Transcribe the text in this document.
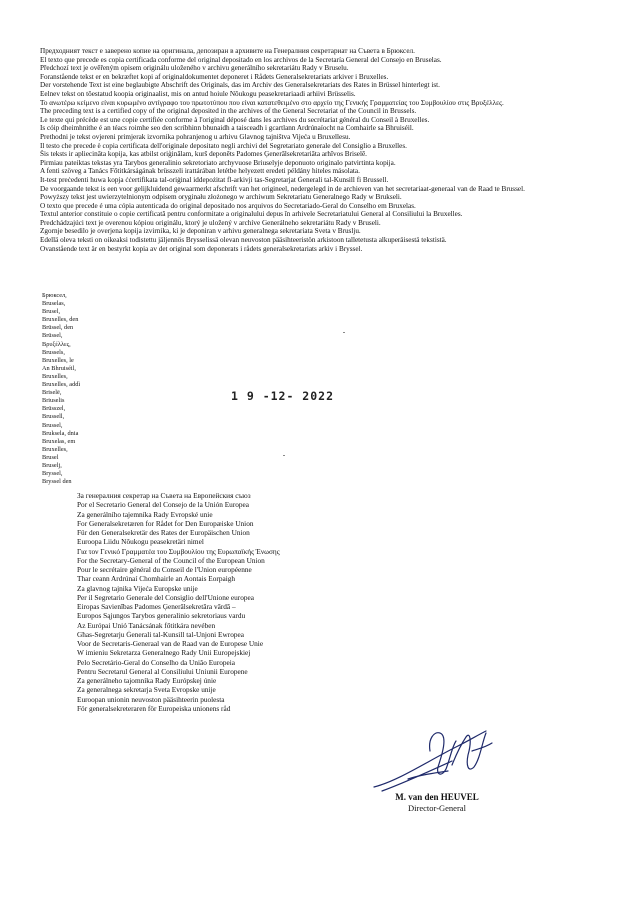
Предходният текст е заверено копие на оригинала, депозиран в архивите на Генералния секретариат на Съвета в Брюксел.
El texto que precede es copia certificada conforme del original depositado en los archivos de la Secretaría General del Consejo en Bruselas.
Předchozí text je ověřeným opisem originálu uloženého v archivu generálního sekretariátu Rady v Bruselu.
Foranstående tekst er en bekræftet kopi af originaldokumentet deponeret i Rådets Generalsekretariats arkiver i Bruxelles.
Der vorstehende Text ist eine beglaubigte Abschrift des Originals, das im Archiv des Generalsekretariats des Rates in Brüssel hinterlegt ist.
Eelnev tekst on tõestatud koopia originaalist, mis on antud hoiule Nõukogu peasekretariaadi arhiivi Brüsselis.
Το ανωτέρω κείμενο είναι κυρωμένο αντίγραφο του πρωτοτύπου που είναι κατατεθειμένο στο αρχείο της Γενικής Γραμματείας του Συμβουλίου στις Βρυξέλλες.
The preceding text is a certified copy of the original deposited in the archives of the General Secretariat of the Council in Brussels.
Le texte qui précède est une copie certifiée conforme à l'original déposé dans les archives du secrétariat général du Conseil à Bruxelles.
Is cóip dheimhnithe é an téacs roimhe seo den scríbhinn bhunaidh a taisceadh i gcartlann Ardrúnaíocht na Comhairle sa Bhruiséil.
Prethodni je tekst ovjereni primjerak izvornika pohranjenog u arhivu Glavnog tajništva Vijeća u Bruxellesu.
Il testo che precede è copia certificata dell'originale depositato negli archivi del Segretariato generale del Consiglio a Bruxelles.
Šis teksts ir apliecināta kopija, kas atbilst oriģinālam, kurš deponēts Padomes Ģenerālsekretariāta arhīvos Briselē.
Pirmiau pateiktas tekstas yra Tarybos generalinio sekretoriato archyvuose Briuselyje deponuoto originalo patvirtinta kopija.
A fenti szöveg a Tanács Főtitkárságának brüsszeli irattárában letétbe helyezett eredeti példány hiteles másolata.
It-test preċedenti huwa kopja ċċertifikata tal-oriġinal iddepożitat fl-arkivji tas-Segretarjat Ġenerali tal-Kunsill fi Brussell.
De voorgaande tekst is een voor gelijkluidend gewaarmerkt afschrift van het origineel, nedergelegd in de archieven van het secretariaat-generaal van de Raad te Brussel.
Powyższy tekst jest uwierzytelnionym odpisem oryginału złożonego w archiwum Sekretariatu Generalnego Rady w Brukseli.
O texto que precede é uma cópia autenticada do original depositado nos arquivos do Secretariado-Geral do Conselho em Bruxelas.
Textul anterior constituie o copie certificată pentru conformitate a originalului depus în arhivele Secretariatului General al Consiliului la Bruxelles.
Predchádzajúci text je overenou kópiou originálu, ktorý je uložený v archíve Generálneho sekretariátu Rady v Bruseli.
Zgornje besedilo je overjena kopija izvirnika, ki je deponiran v arhivu generalnega sekretariata Sveta v Bruslju.
Edellä oleva teksti on oikeaksi todistettu jäljennös Brysselissä olevan neuvoston pääsihteeristön arkistoon talletetusta alkuperäisestä tekstistä.
Ovanstående text är en bestyrkt kopia av det original som deponerats i rådets generalsekretariats arkiv i Bryssel.
Брюксел,
Bruselas,
Brusel,
Bruxelles, den
Brüssel, den
Brüssel,
Βρυξέλλες,
Brussels,
Bruxelles, le
An Bhruiséil,
Bruxelles,
Bruxelles, addì
Briselē,
Briuselis
Brüsszel,
Brussell,
Brussel,
Bruksela, dnia
Bruxelas, em
Bruxelles,
Brusel
Bruselj,
Bryssel,
Bryssel den
1 9 -12- 2022
За генералния секретар на Съвета на Европейския съюз
Por el Secretario General del Consejo de la Unión Europea
Za generálního tajemníka Rady Evropské unie
For Generalsekretæren for Rådet for Den Europæiske Union
Für den Generalsekretär des Rates der Europäischen Union
Euroopa Liidu Nõukogu peasekretäri nimel
Για τον Γενικό Γραμματέα του Συμβουλίου της Ευρωπαϊκής Ένωσης
For the Secretary-General of the Council of the European Union
Pour le secrétaire général du Conseil de l'Union européenne
Thar ceann Ardrúnaí Chomhairle an Aontais Eorpaigh
Za glavnog tajnika Vijeća Europske unije
Per il Segretario Generale del Consiglio dell'Unione europea
Eiropas Savienības Padomes Ģenerālsekretāra vārdā –
Europos Sąjungos Tarybos generalinio sekretoriaus vardu
Az Európai Unió Tanácsának főtitkára nevében
Għas-Segretarju Ġenerali tal-Kunsill tal-Unjoni Ewropea
Voor de Secretaris-Generaal van de Raad van de Europese Unie
W imieniu Sekretarza Generalnego Rady Unii Europejskiej
Pelo Secretário-Geral do Conselho da União Europeia
Pentru Secretarul General al Consiliului Uniunii Europene
Za generálneho tajomníka Rady Európskej únie
Za generalnega sekretarja Sveta Evropske unije
Euroopan unionin neuvoston pääsihteerin puolesta
För generalsekreteraren för Europeiska unionens råd
M. van den HEUVEL
Director-General
